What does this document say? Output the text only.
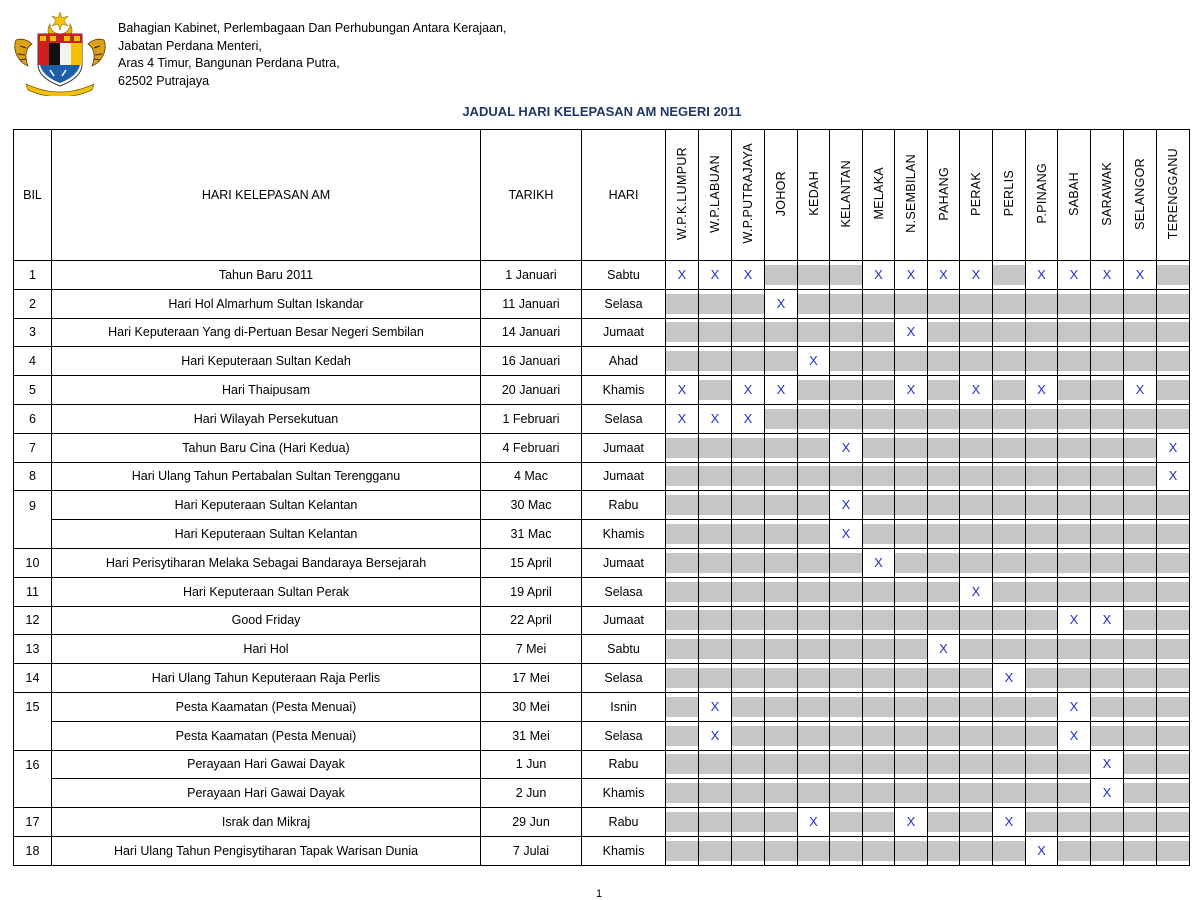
Bahagian Kabinet, Perlembagaan Dan Perhubungan Antara Kerajaan,
Jabatan Perdana Menteri,
Aras 4 Timur, Bangunan Perdana Putra,
62502 Putrajaya
JADUAL HARI KELEPASAN AM NEGERI 2011
BIL	HARI KELEPASAN AM	TARIKH	HARI	W.P.K.LUMPUR	W.P.LABUAN	W.P.PUTRAJAYA	JOHOR	KEDAH	KELANTAN	MELAKA	N.SEMBILAN	PAHANG	PERAK	PERLIS	P.PINANG	SABAH	SARAWAK	SELANGOR	TERENGGANU
1	Tahun Baru 2011	1 Januari	Sabtu	X	X	X				X	X	X	X		X	X	X	X	

2	Hari Hol Almarhum Sultan Iskandar	11 Januari	Selasa				X												

3	Hari Keputeraan Yang di-Pertuan Besar Negeri Sembilan	14 Januari	Jumaat								X								

4	Hari Keputeraan Sultan Kedah	16 Januari	Ahad					X											

5	Hari Thaipusam	20 Januari	Khamis	X		X	X				X		X		X			X	

6	Hari Wilayah Persekutuan	1 Februari	Selasa	X	X	X													

7	Tahun Baru Cina (Hari Kedua)	4 Februari	Jumaat						X										X

8	Hari Ulang Tahun Pertabalan Sultan Terengganu	4 Mac	Jumaat																X

9	Hari Keputeraan Sultan Kelantan	30 Mac	Rabu						X										

	Hari Keputeraan Sultan Kelantan	31 Mac	Khamis						X										

10	Hari Perisytiharan Melaka Sebagai Bandaraya Bersejarah	15 April	Jumaat							X									

11	Hari Keputeraan Sultan Perak	19 April	Selasa										X						

12	Good Friday	22 April	Jumaat													X	X		

13	Hari Hol	7 Mei	Sabtu									X							

14	Hari Ulang Tahun Keputeraan Raja Perlis	17 Mei	Selasa											X					

15	Pesta Kaamatan (Pesta Menuai)	30 Mei	Isnin		X											X			

	Pesta Kaamatan (Pesta Menuai)	31 Mei	Selasa		X											X			

16	Perayaan Hari Gawai Dayak	1 Jun	Rabu														X		

	Perayaan Hari Gawai Dayak	2 Jun	Khamis														X		

17	Israk dan Mikraj	29 Jun	Rabu					X			X			X					

18	Hari Ulang Tahun Pengisytiharan Tapak Warisan Dunia	7 Julai	Khamis												X				

1
